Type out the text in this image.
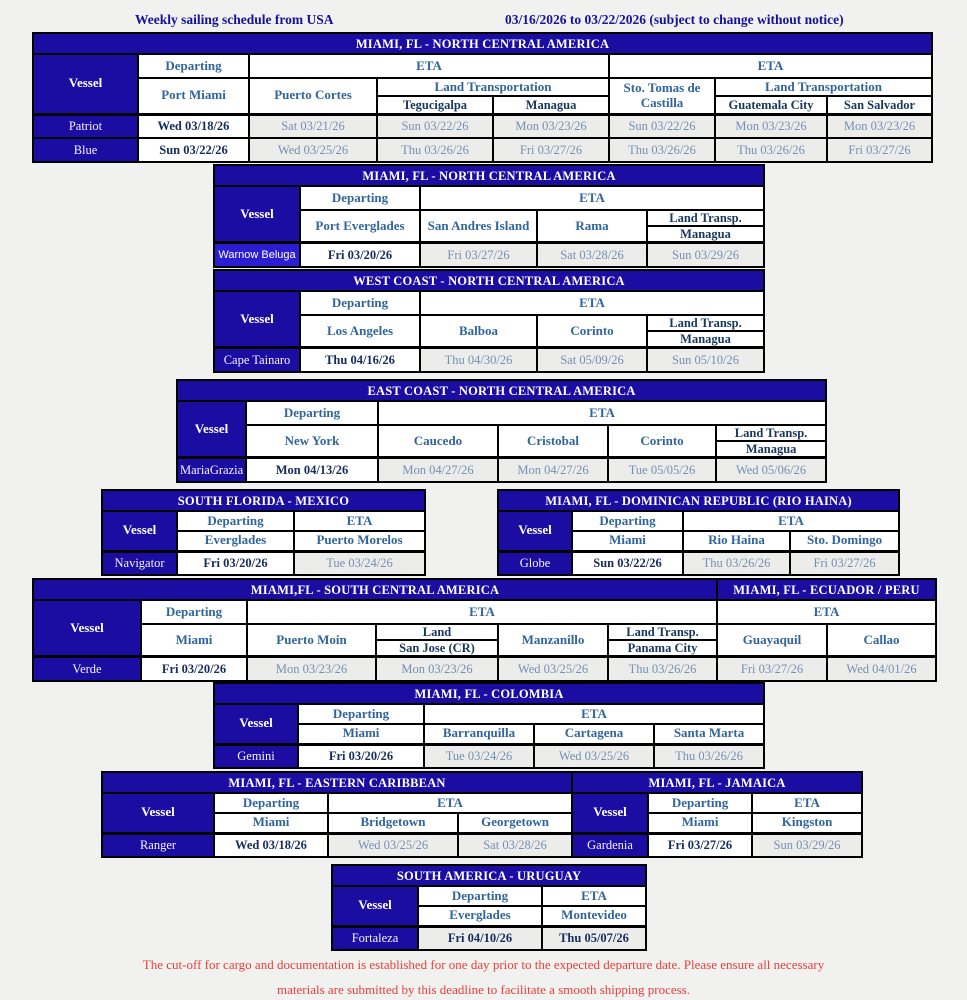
Weekly sailing schedule from USA	03/16/2026 to 03/22/2026 (subject to change without notice)
MIAMI, FL - NORTH CENTRAL AMERICA							
Vessel	Departing	ETA			ETA		
	Port Miami	Puerto Cortes	Land Transportation		Sto. Tomas de Castilla	Land Transportation	
			Tegucigalpa	Managua		Guatemala City	San Salvador
Patriot	Wed 03/18/26	Sat 03/21/26	Sun 03/22/26	Mon 03/23/26	Sun 03/22/26	Mon 03/23/26	Mon 03/23/26
Blue	Sun 03/22/26	Wed 03/25/26	Thu 03/26/26	Fri 03/27/26	Thu 03/26/26	Thu 03/26/26	Fri 03/27/26
MIAMI, FL - NORTH CENTRAL AMERICA				
Vessel	Departing	ETA		
	Port Everglades	San Andres Island	Rama	Land Transp.
				Managua
Warnow Beluga	Fri 03/20/26	Fri 03/27/26	Sat 03/28/26	Sun 03/29/26
WEST COAST - NORTH CENTRAL AMERICA				
Vessel	Departing	ETA		
	Los Angeles	Balboa	Corinto	Land Transp.
				Managua
Cape Tainaro	Thu 04/16/26	Thu 04/30/26	Sat 05/09/26	Sun 05/10/26
EAST COAST - NORTH CENTRAL AMERICA					
Vessel	Departing	ETA			
	New York	Caucedo	Cristobal	Corinto	Land Transp.
					Managua
MariaGrazia	Mon 04/13/26	Mon 04/27/26	Mon 04/27/26	Tue 05/05/26	Wed 05/06/26
SOUTH FLORIDA - MEXICO		
Vessel	Departing	ETA
	Everglades	Puerto Morelos
Navigator	Fri 03/20/26	Tue 03/24/26
MIAMI, FL - DOMINICAN REPUBLIC (RIO HAINA)			
Vessel	Departing	ETA	
	Miami	Rio Haina	Sto. Domingo
Globe	Sun 03/22/26	Thu 03/26/26	Fri 03/27/26
MIAMI,FL - SOUTH CENTRAL AMERICA						MIAMI, FL - ECUADOR / PERU	
Vessel	Departing	ETA				ETA	
	Miami	Puerto Moin	Land	Manzanillo	Land Transp.	Guayaquil	Callao
			San Jose (CR)		Panama City		
Verde	Fri 03/20/26	Mon 03/23/26	Mon 03/23/26	Wed 03/25/26	Thu 03/26/26	Fri 03/27/26	Wed 04/01/26
MIAMI, FL - COLOMBIA				
Vessel	Departing	ETA		
	Miami	Barranquilla	Cartagena	Santa Marta
Gemini	Fri 03/20/26	Tue 03/24/26	Wed 03/25/26	Thu 03/26/26
MIAMI, FL - EASTERN CARIBBEAN				MIAMI, FL - JAMAICA		
Vessel	Departing	ETA		Vessel	Departing	ETA
	Miami	Bridgetown	Georgetown		Miami	Kingston
Ranger	Wed 03/18/26	Wed 03/25/26	Sat 03/28/26	Gardenia	Fri 03/27/26	Sun 03/29/26
SOUTH AMERICA - URUGUAY		
Vessel	Departing	ETA
	Everglades	Montevideo
Fortaleza	Fri 04/10/26	Thu 05/07/26
The cut-off for cargo and documentation is established for one day prior to the expected departure date. Please ensure all necessary
materials are submitted by this deadline to facilitate a smooth shipping process.
